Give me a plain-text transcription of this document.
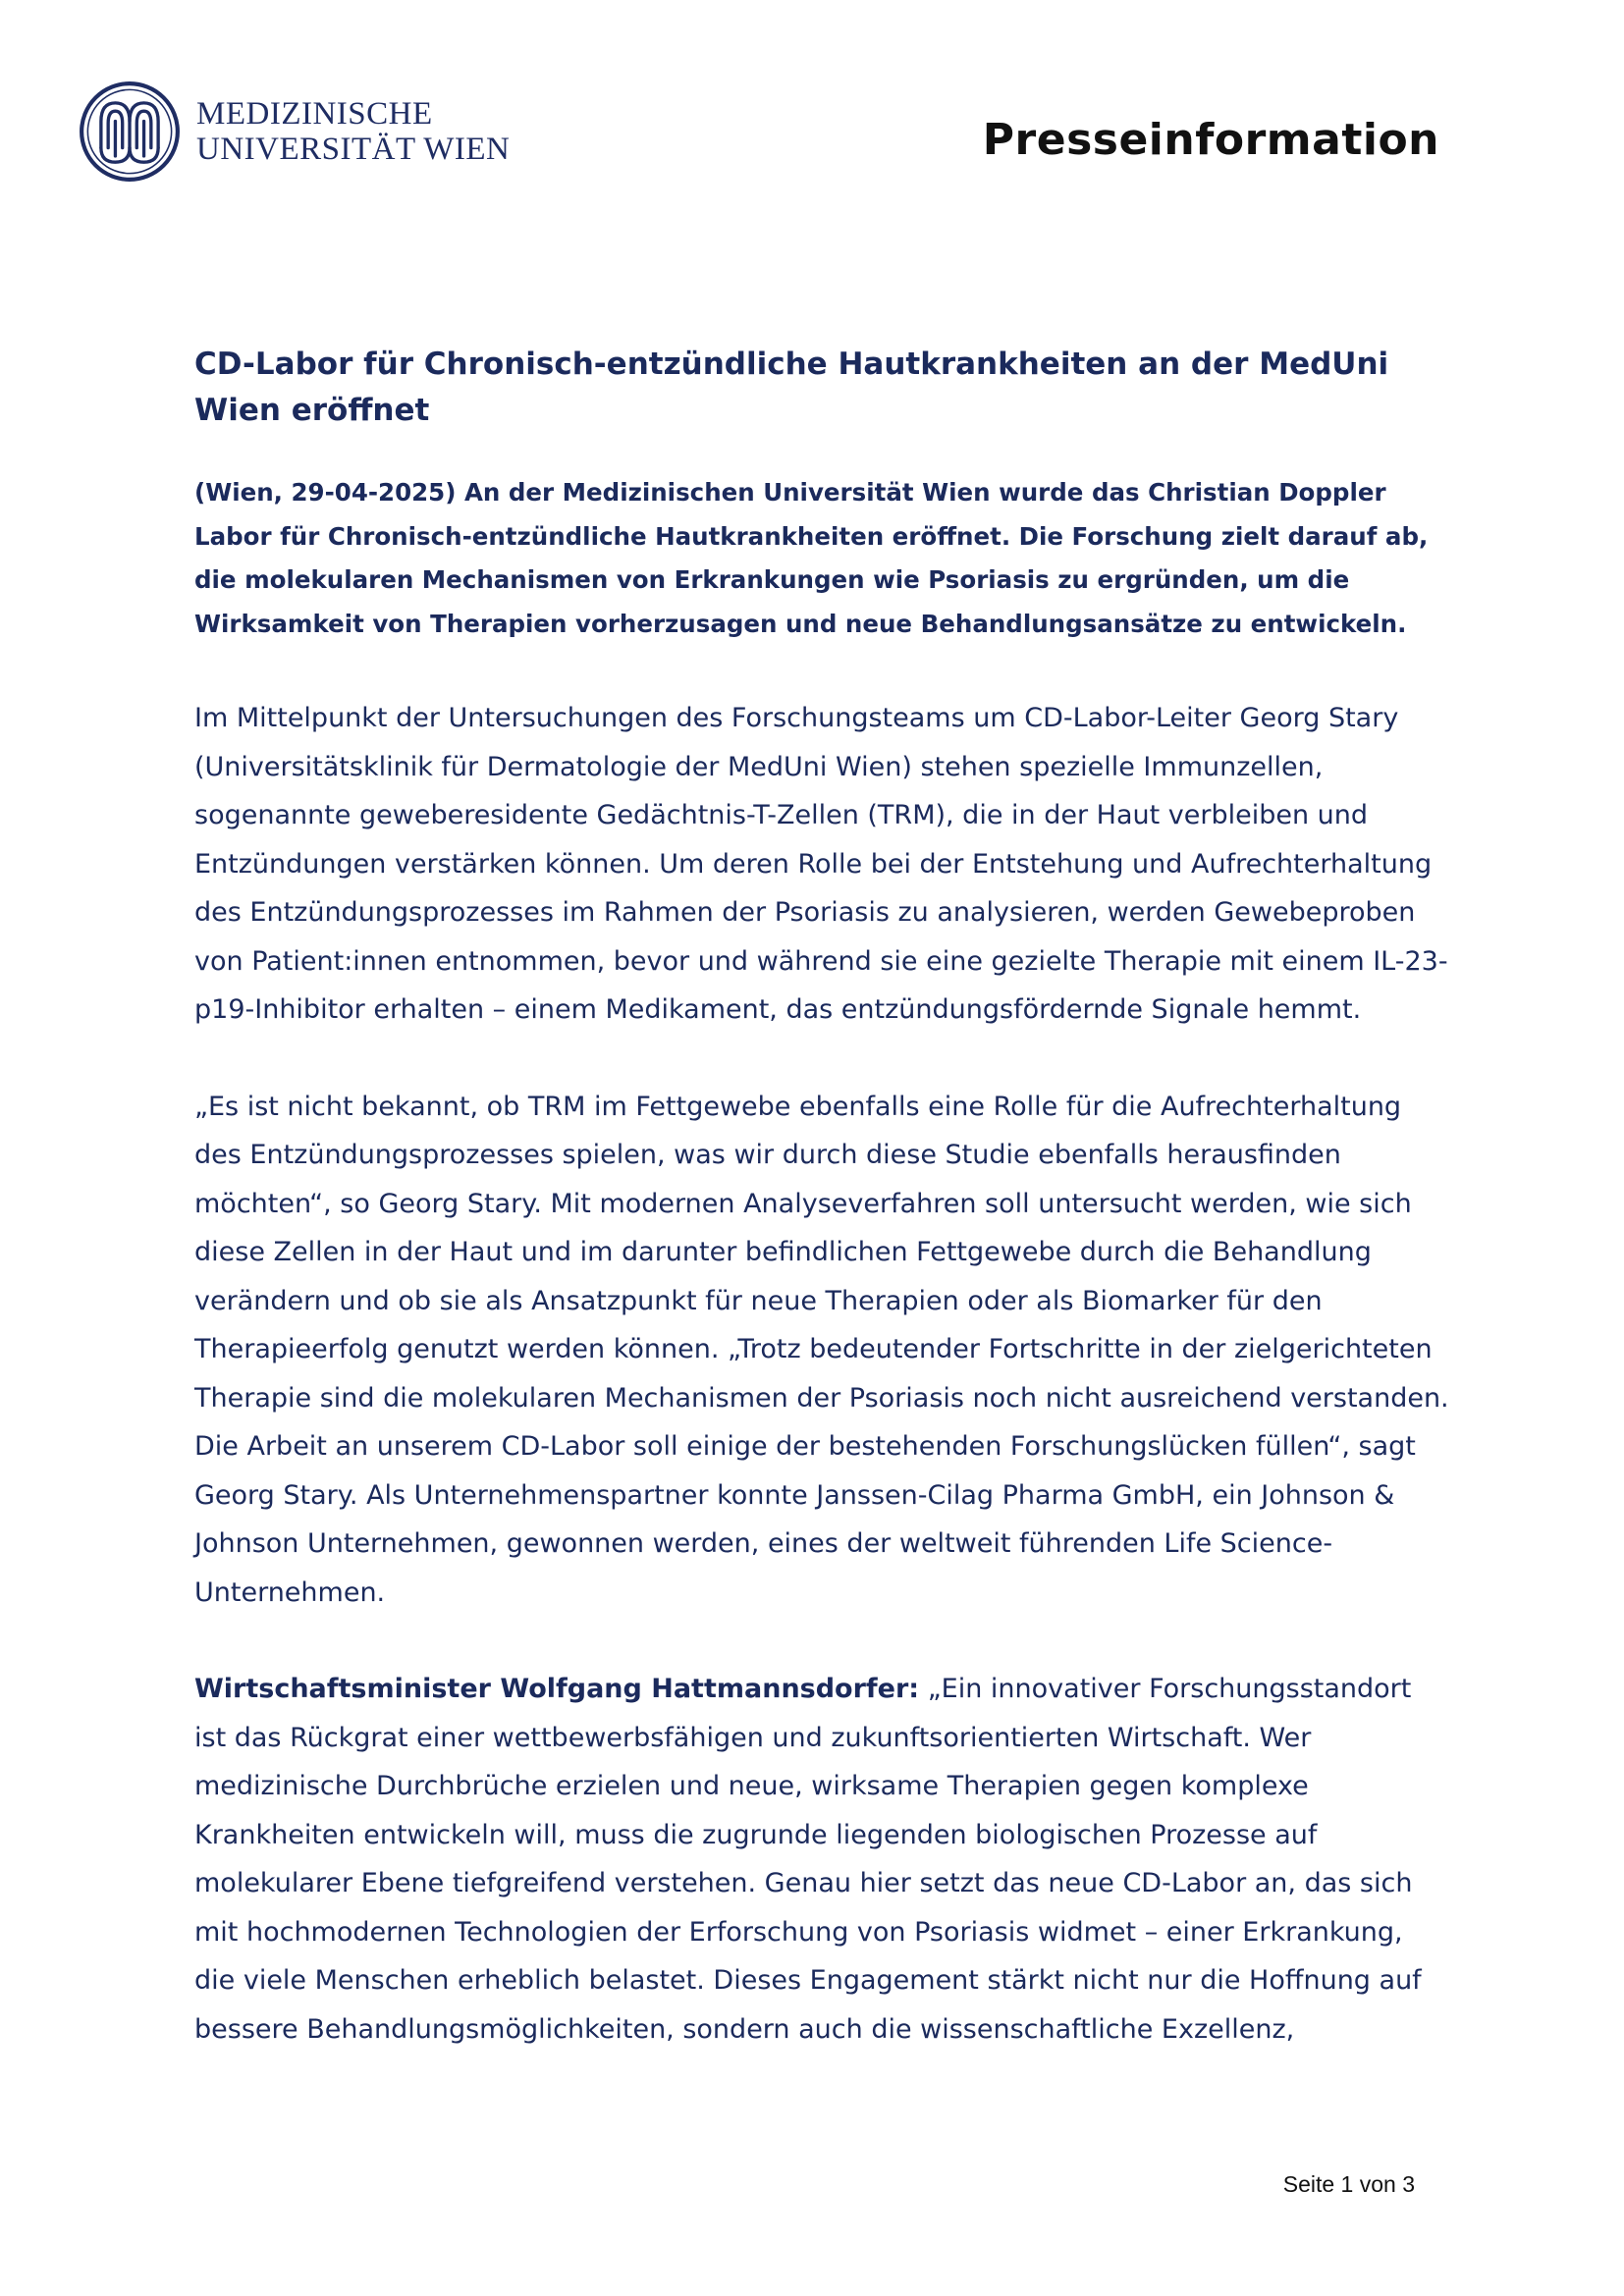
MEDIZINISCHE
UNIVERSITÄT WIEN	Presseinformation
CD-Labor für Chronisch-entzündliche Hautkrankheiten an der MedUni Wien eröffnet

(Wien, 29-04-2025) An der Medizinischen Universität Wien wurde das Christian Doppler Labor für Chronisch-entzündliche Hautkrankheiten eröffnet. Die Forschung zielt darauf ab, die molekularen Mechanismen von Erkrankungen wie Psoriasis zu ergründen, um die Wirksamkeit von Therapien vorherzusagen und neue Behandlungsansätze zu entwickeln.

Im Mittelpunkt der Untersuchungen des Forschungsteams um CD-Labor-Leiter Georg Stary (Universitätsklinik für Dermatologie der MedUni Wien) stehen spezielle Immunzellen, sogenannte geweberesidente Gedächtnis-T-Zellen (TRM), die in der Haut verbleiben und Entzündungen verstärken können. Um deren Rolle bei der Entstehung und Aufrechterhaltung des Entzündungsprozesses im Rahmen der Psoriasis zu analysieren, werden Gewebeproben von Patient:innen entnommen, bevor und während sie eine gezielte Therapie mit einem IL-23-p19-Inhibitor erhalten – einem Medikament, das entzündungsfördernde Signale hemmt.

„Es ist nicht bekannt, ob TRM im Fettgewebe ebenfalls eine Rolle für die Aufrechterhaltung des Entzündungsprozesses spielen, was wir durch diese Studie ebenfalls herausfinden möchten“, so Georg Stary. Mit modernen Analyseverfahren soll untersucht werden, wie sich diese Zellen in der Haut und im darunter befindlichen Fettgewebe durch die Behandlung verändern und ob sie als Ansatzpunkt für neue Therapien oder als Biomarker für den Therapieerfolg genutzt werden können. „Trotz bedeutender Fortschritte in der zielgerichteten Therapie sind die molekularen Mechanismen der Psoriasis noch nicht ausreichend verstanden. Die Arbeit an unserem CD-Labor soll einige der bestehenden Forschungslücken füllen“, sagt Georg Stary. Als Unternehmenspartner konnte Janssen-Cilag Pharma GmbH, ein Johnson & Johnson Unternehmen, gewonnen werden, eines der weltweit führenden Life Science-Unternehmen.

Wirtschaftsminister Wolfgang Hattmannsdorfer: „Ein innovativer Forschungsstandort ist das Rückgrat einer wettbewerbsfähigen und zukunftsorientierten Wirtschaft. Wer medizinische Durchbrüche erzielen und neue, wirksame Therapien gegen komplexe Krankheiten entwickeln will, muss die zugrunde liegenden biologischen Prozesse auf molekularer Ebene tiefgreifend verstehen. Genau hier setzt das neue CD-Labor an, das sich mit hochmodernen Technologien der Erforschung von Psoriasis widmet – einer Erkrankung, die viele Menschen erheblich belastet. Dieses Engagement stärkt nicht nur die Hoffnung auf bessere Behandlungsmöglichkeiten, sondern auch die wissenschaftliche Exzellenz,

Seite 1 von 3
